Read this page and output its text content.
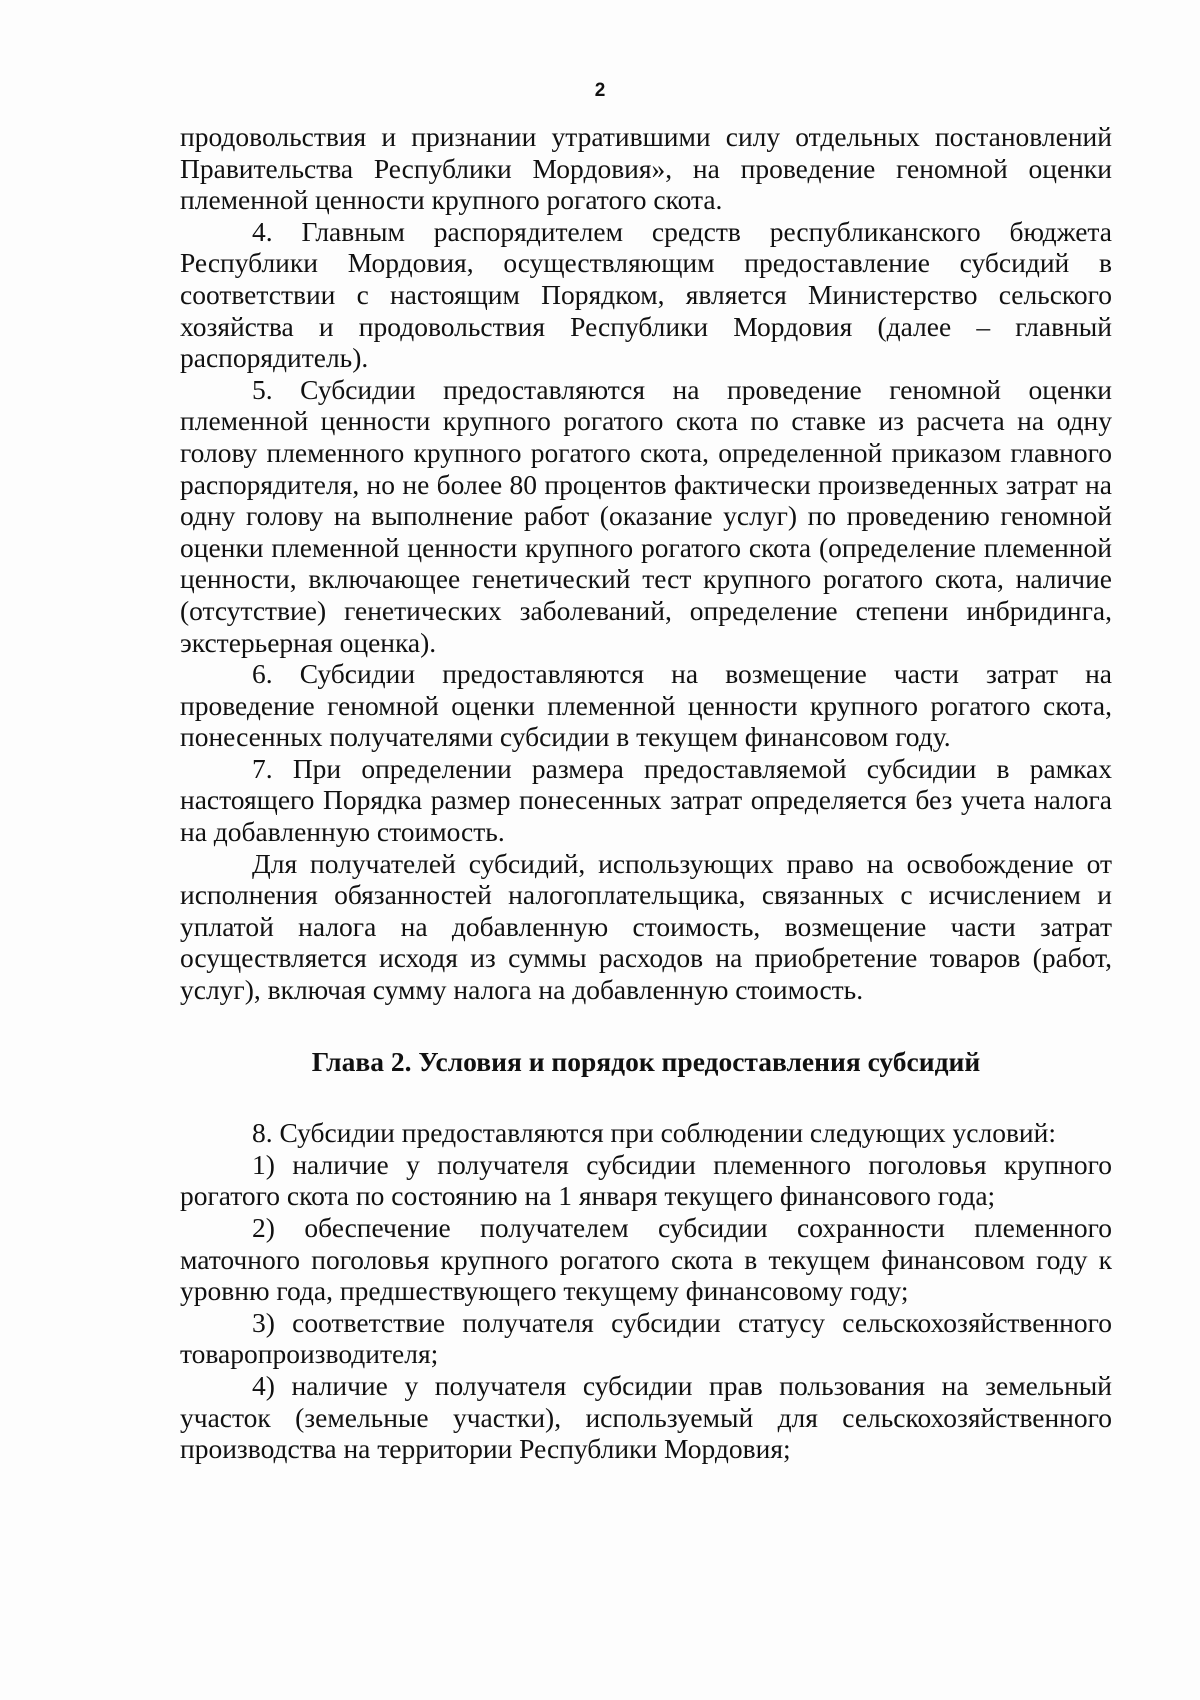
2

продовольствия и признании утратившими силу отдельных постановлений Правительства Республики Мордовия», на проведение геномной оценки племенной ценности крупного рогатого скота.

4. Главным распорядителем средств республиканского бюджета Республики Мордовия, осуществляющим предоставление субсидий в соответствии с настоящим Порядком, является Министерство сельского хозяйства и продовольствия Республики Мордовия (далее – главный распорядитель).

5. Субсидии предоставляются на проведение геномной оценки племенной ценности крупного рогатого скота по ставке из расчета на одну голову племенного крупного рогатого скота, определенной приказом главного распорядителя, но не более 80 процентов фактически произведенных затрат на одну голову на выполнение работ (оказание услуг) по проведению геномной оценки племенной ценности крупного рогатого скота (определение племенной ценности, включающее генетический тест крупного рогатого скота, наличие (отсутствие) генетических заболеваний, определение степени инбридинга, экстерьерная оценка).

6. Субсидии предоставляются на возмещение части затрат на проведение геномной оценки племенной ценности крупного рогатого скота, понесенных получателями субсидии в текущем финансовом году.

7. При определении размера предоставляемой субсидии в рамках настоящего Порядка размер понесенных затрат определяется без учета налога на добавленную стоимость.

Для получателей субсидий, использующих право на освобождение от исполнения обязанностей налогоплательщика, связанных с исчислением и уплатой налога на добавленную стоимость, возмещение части затрат осуществляется исходя из суммы расходов на приобретение товаров (работ, услуг), включая сумму налога на добавленную стоимость.

Глава 2. Условия и порядок предоставления субсидий

8. Субсидии предоставляются при соблюдении следующих условий:

1) наличие у получателя субсидии племенного поголовья крупного рогатого скота по состоянию на 1 января текущего финансового года;

2) обеспечение получателем субсидии сохранности племенного маточного поголовья крупного рогатого скота в текущем финансовом году к уровню года, предшествующего текущему финансовому году;

3) соответствие получателя субсидии статусу сельскохозяйственного товаропроизводителя;

4) наличие у получателя субсидии прав пользования на земельный участок (земельные участки), используемый для сельскохозяйственного производства на территории Республики Мордовия;
